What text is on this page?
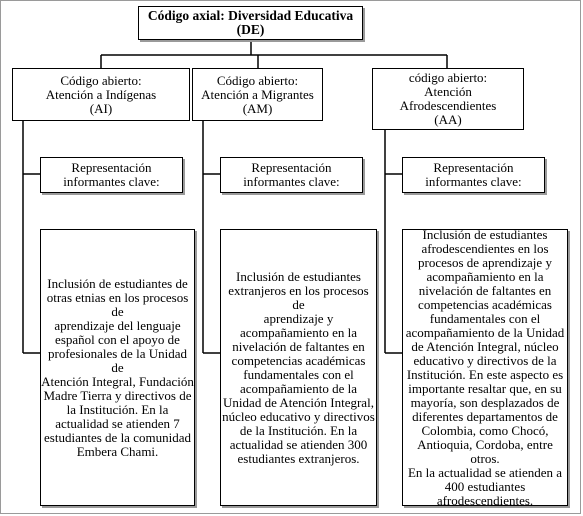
Código axial: Diversidad Educativa (DE)
Código abierto:
Atención a Indígenas
(AI)
Representación
informantes clave:
Inclusión de estudiantes de
otras etnias en los procesos de
aprendizaje del lenguaje
español con el apoyo de
profesionales de la Unidad de
Atención Integral, Fundación
Madre Tierra y directivos de
la Institución. En la
actualidad se atienden 7
estudiantes de la comunidad
Embera Chami.
Código abierto:
Atención a Migrantes
(AM)
Representación
informantes clave:
Inclusión de estudiantes
extranjeros en los procesos de
aprendizaje y
acompañamiento en la
nivelación de faltantes en
competencias académicas
fundamentales con el
acompañamiento de la
Unidad de Atención Integral,
núcleo educativo y directivos
de la Institución. En la
actualidad se atienden 300
estudiantes extranjeros.
código abierto:
Atención
Afrodescendientes
(AA)
Representación
informantes clave:
Inclusión de estudiantes
afrodescendientes en los
procesos de aprendizaje y
acompañamiento en la
nivelación de faltantes en
competencias académicas
fundamentales con el
acompañamiento de la Unidad
de Atención Integral, núcleo
educativo y directivos de la
Institución. En este aspecto es
importante resaltar que, en su
mayoría, son desplazados de
diferentes departamentos de
Colombia, como Chocó,
Antioquia, Cordoba, entre otros.
En la actualidad se atienden a
400 estudiantes
afrodescendientes.
